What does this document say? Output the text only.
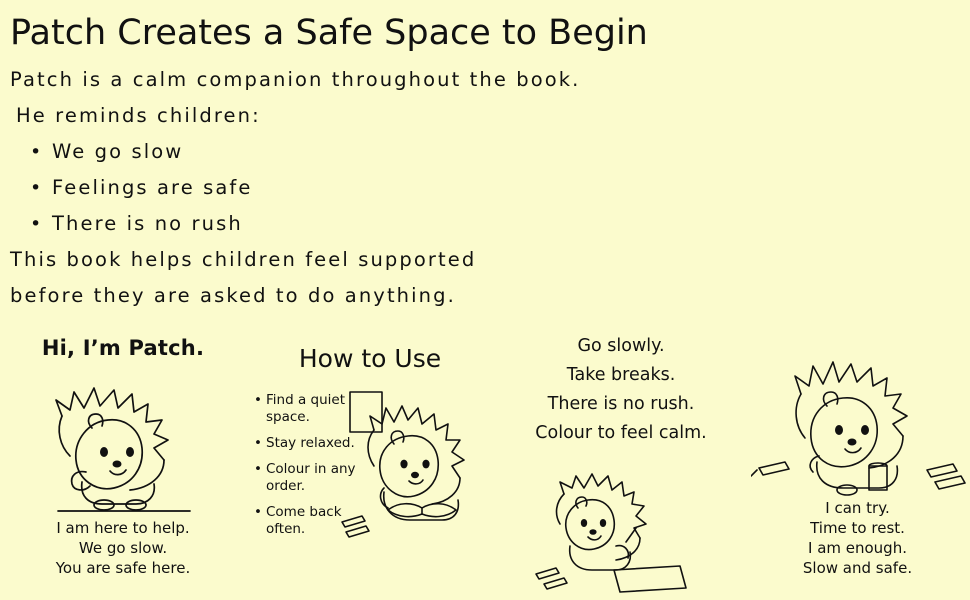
Patch Creates a Safe Space to Begin
Patch is a calm companion throughout the book.
He reminds children:
• We go slow
• Feelings are safe
• There is no rush
This book helps children feel supported
before they are asked to do anything.
Hi, I’m Patch.
I am here to help.
We go slow.
You are safe here.
How to Use
• Find a quiet space.
• Stay relaxed.
• Colour in any order.
• Come back often.
Go slowly.
Take breaks.
There is no rush.
Colour to feel calm.
I can try.
Time to rest.
I am enough.
Slow and safe.
